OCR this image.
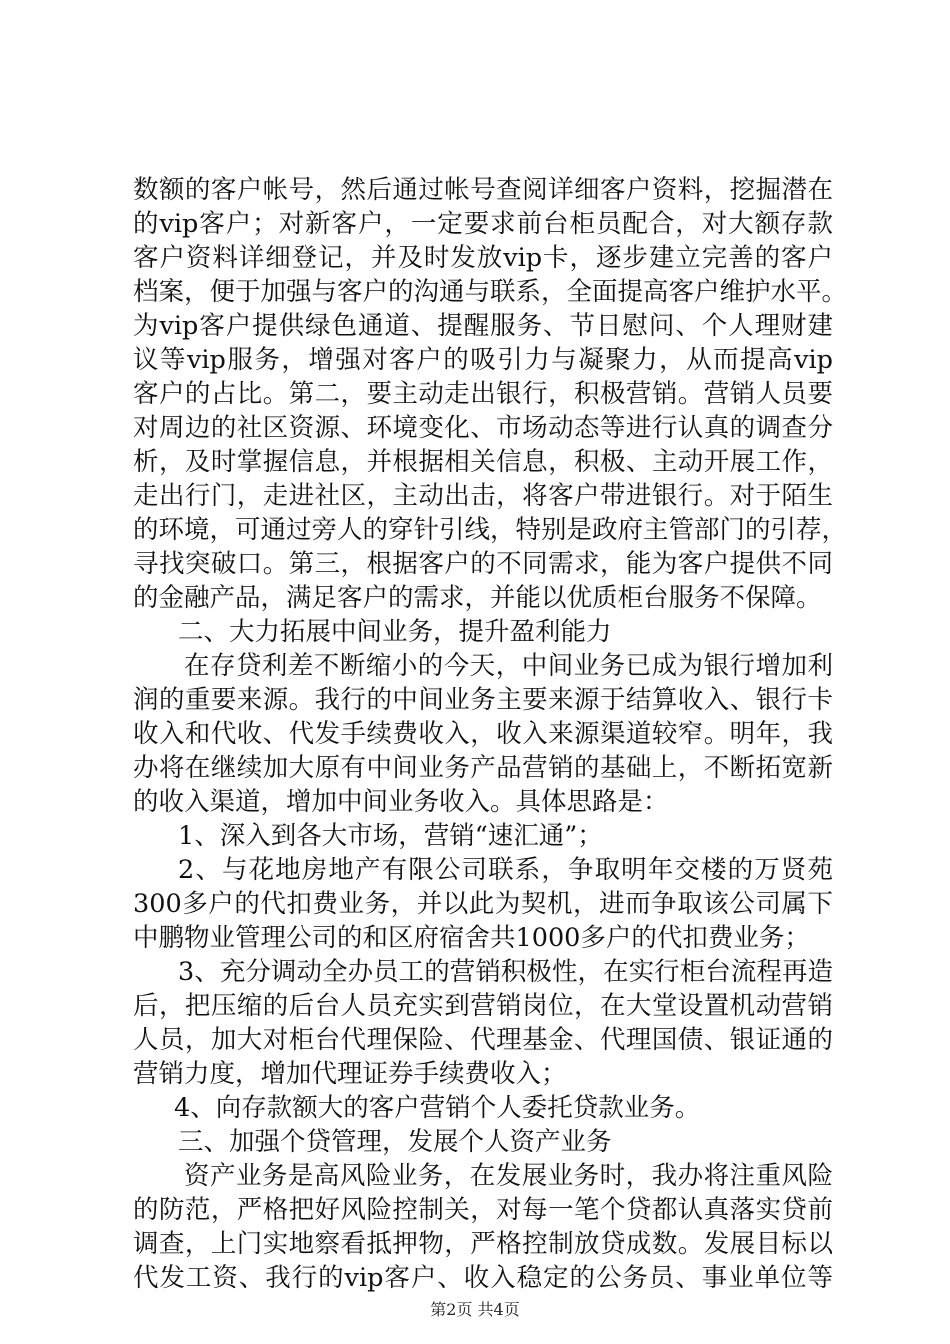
数额的客户帐号，然后通过帐号查阅详细客户资料，挖掘潜在
的vip客户；对新客户，一定要求前台柜员配合，对大额存款
客户资料详细登记，并及时发放vip卡，逐步建立完善的客户
档案，便于加强与客户的沟通与联系，全面提高客户维护水平。
为vip客户提供绿色通道、提醒服务、节日慰问、个人理财建
议等vip服务，增强对客户的吸引力与凝聚力，从而提高vip
客户的占比。第二，要主动走出银行，积极营销。营销人员要
对周边的社区资源、环境变化、市场动态等进行认真的调查分
析，及时掌握信息，并根据相关信息，积极、主动开展工作，
走出行门，走进社区，主动出击，将客户带进银行。对于陌生
的环境，可通过旁人的穿针引线，特别是政府主管部门的引荐，
寻找突破口。第三，根据客户的不同需求，能为客户提供不同
的金融产品，满足客户的需求，并能以优质柜台服务不保障。
二、大力拓展中间业务，提升盈利能力
在存贷利差不断缩小的今天，中间业务已成为银行增加利
润的重要来源。我行的中间业务主要来源于结算收入、银行卡
收入和代收、代发手续费收入，收入来源渠道较窄。明年，我
办将在继续加大原有中间业务产品营销的基础上，不断拓宽新
的收入渠道，增加中间业务收入。具体思路是：
1、深入到各大市场，营销“速汇通”；
2、与花地房地产有限公司联系，争取明年交楼的万贤苑
300多户的代扣费业务，并以此为契机，进而争取该公司属下
中鹏物业管理公司的和区府宿舍共1000多户的代扣费业务；
3、充分调动全办员工的营销积极性，在实行柜台流程再造
后，把压缩的后台人员充实到营销岗位，在大堂设置机动营销
人员，加大对柜台代理保险、代理基金、代理国债、银证通的
营销力度，增加代理证券手续费收入；
4、向存款额大的客户营销个人委托贷款业务。
三、加强个贷管理，发展个人资产业务
资产业务是高风险业务，在发展业务时，我办将注重风险
的防范，严格把好风险控制关，对每一笔个贷都认真落实贷前
调查，上门实地察看抵押物，严格控制放贷成数。发展目标以
代发工资、我行的vip客户、收入稳定的公务员、事业单位等
第2页 共4页
